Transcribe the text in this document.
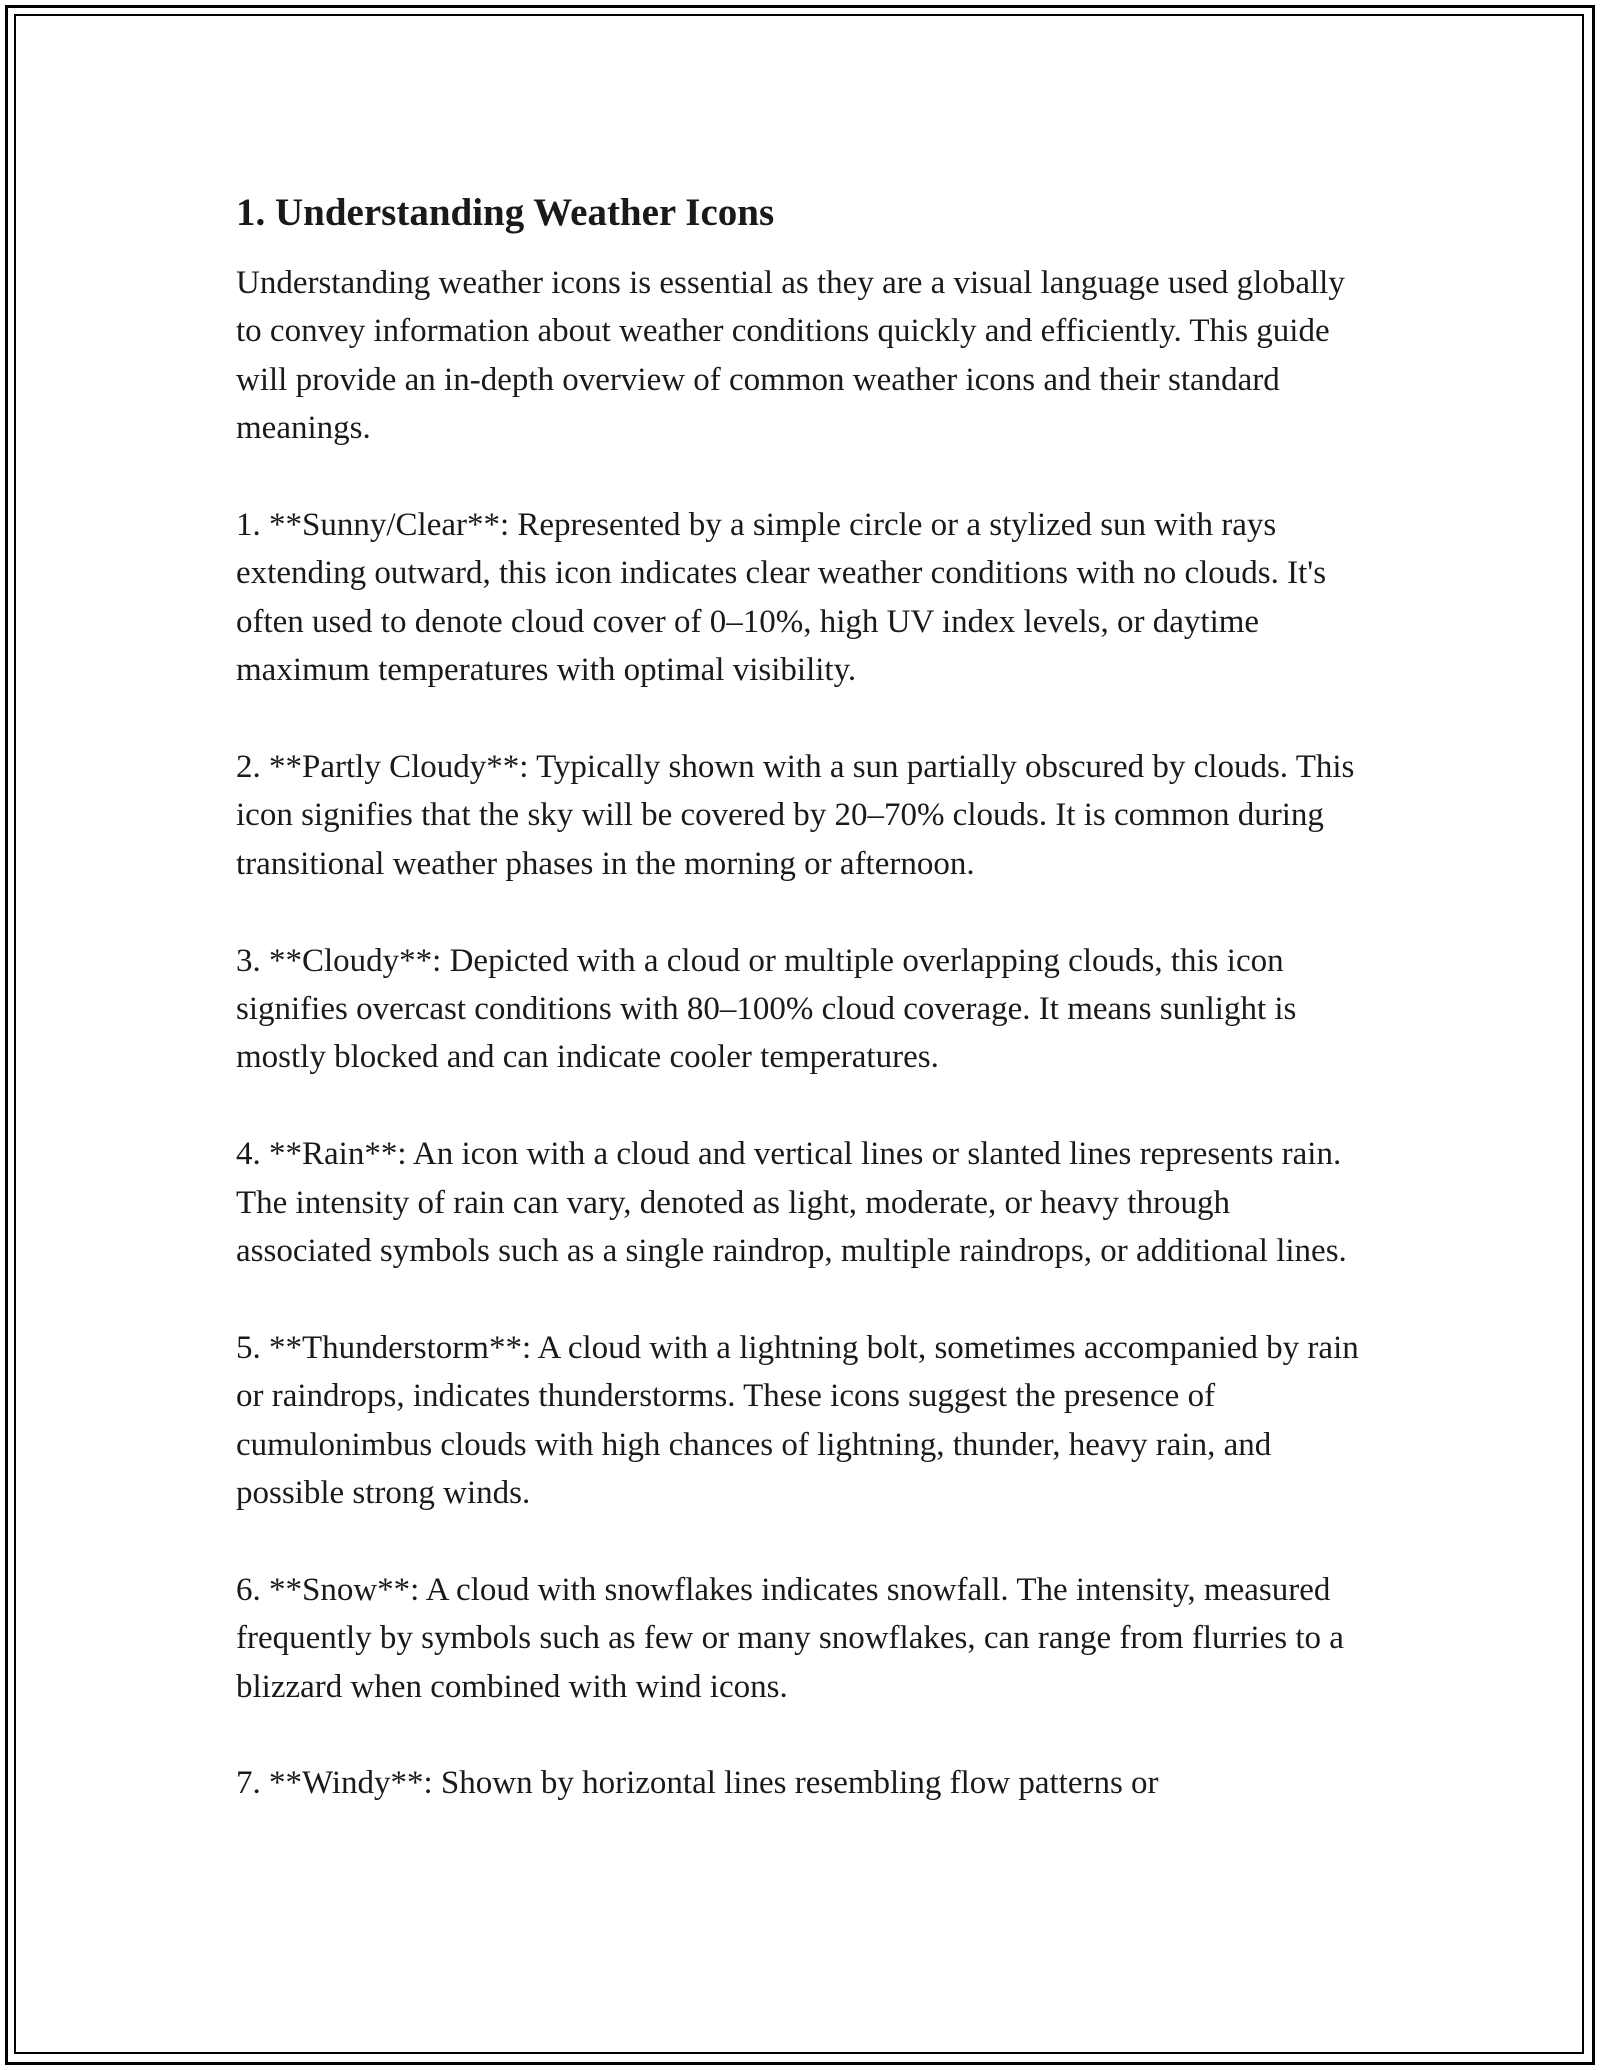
1. Understanding Weather Icons

Understanding weather icons is essential as they are a visual language used globally to convey information about weather conditions quickly and efficiently. This guide will provide an in-depth overview of common weather icons and their standard meanings.

1. **Sunny/Clear**: Represented by a simple circle or a stylized sun with rays extending outward, this icon indicates clear weather conditions with no clouds. It's often used to denote cloud cover of 0–10%, high UV index levels, or daytime maximum temperatures with optimal visibility.

2. **Partly Cloudy**: Typically shown with a sun partially obscured by clouds. This icon signifies that the sky will be covered by 20–70% clouds. It is common during transitional weather phases in the morning or afternoon.

3. **Cloudy**: Depicted with a cloud or multiple overlapping clouds, this icon signifies overcast conditions with 80–100% cloud coverage. It means sunlight is mostly blocked and can indicate cooler temperatures.

4. **Rain**: An icon with a cloud and vertical lines or slanted lines represents rain. The intensity of rain can vary, denoted as light, moderate, or heavy through associated symbols such as a single raindrop, multiple raindrops, or additional lines.

5. **Thunderstorm**: A cloud with a lightning bolt, sometimes accompanied by rain or raindrops, indicates thunderstorms. These icons suggest the presence of cumulonimbus clouds with high chances of lightning, thunder, heavy rain, and possible strong winds.

6. **Snow**: A cloud with snowflakes indicates snowfall. The intensity, measured frequently by symbols such as few or many snowflakes, can range from flurries to a blizzard when combined with wind icons.

7. **Windy**: Shown by horizontal lines resembling flow patterns or
